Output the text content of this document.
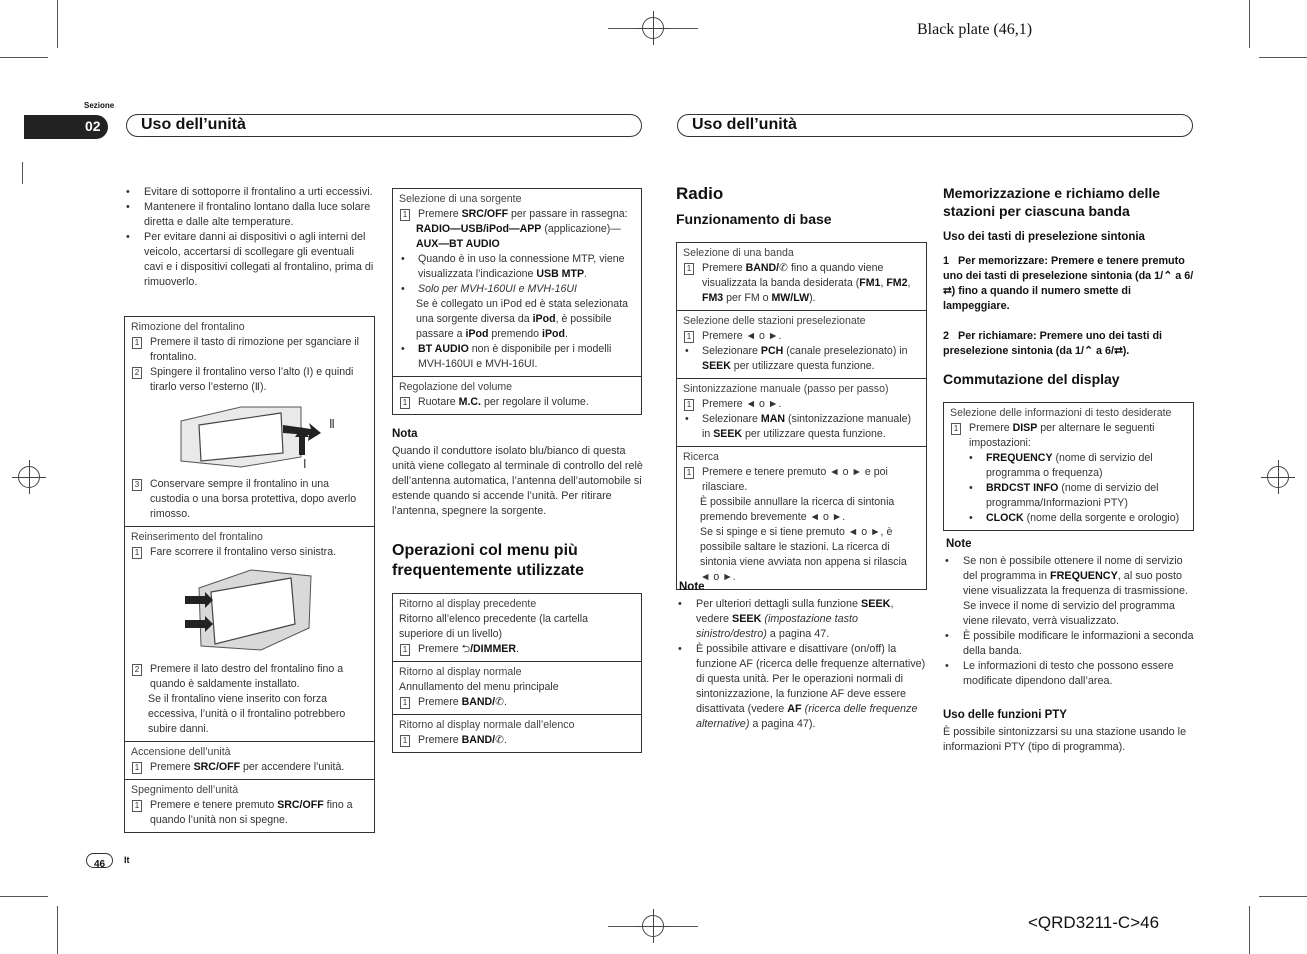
Black plate (46,1)
Sezione
02	Uso dell’unità	Uso dell’unità
•	Evitare di sottoporre il frontalino a urti eccessivi.
•	Mantenere il frontalino lontano dalla luce solare diretta e dalle alte temperature.
•	Per evitare danni ai dispositivi o agli interni del veicolo, accertarsi di scollegare gli eventuali cavi e i dispositivi collegati al frontalino, prima di rimuoverlo.
Rimozione del frontalino
1 Premere il tasto di rimozione per sganciare il frontalino.
2 Spingere il frontalino verso l’alto (Ⅰ) e quindi tirarlo verso l’esterno (Ⅱ).
Ⅱ
Ⅰ
3 Conservare sempre il frontalino in una custodia o una borsa protettiva, dopo averlo rimosso.
Reinserimento del frontalino
1 Fare scorrere il frontalino verso sinistra.
2 Premere il lato destro del frontalino fino a quando è saldamente installato.
Se il frontalino viene inserito con forza eccessiva, l’unità o il frontalino potrebbero subire danni.
Accensione dell’unità
1 Premere SRC/OFF per accendere l’unità.
Spegnimento dell’unità
1 Premere e tenere premuto SRC/OFF fino a quando l’unità non si spegne.
Selezione di una sorgente
1 Premere SRC/OFF per passare in rassegna:
RADIO—USB/iPod—APP (applicazione)—
AUX—BT AUDIO
•	Quando è in uso la connessione MTP, viene visualizzata l’indicazione USB MTP.
•	Solo per MVH-160UI e MVH-16UI
Se è collegato un iPod ed è stata selezionata una sorgente diversa da iPod, è possibile passare a iPod premendo iPod.
•	BT AUDIO non è disponibile per i modelli MVH-160UI e MVH-16UI.
Regolazione del volume
1 Ruotare M.C. per regolare il volume.
Nota
Quando il conduttore isolato blu/bianco di questa unità viene collegato al terminale di controllo del relè dell’antenna automatica, l’antenna dell’automobile si estende quando si accende l’unità. Per ritirare l’antenna, spegnere la sorgente.
Operazioni col menu più frequentemente utilizzate
Ritorno al display precedente
Ritorno all’elenco precedente (la cartella superiore di un livello)
1 Premere ⮌/DIMMER.
Ritorno al display normale
Annullamento del menu principale
1 Premere BAND/✆.
Ritorno al display normale dall’elenco
1 Premere BAND/✆.
Radio
Funzionamento di base
Selezione di una banda
1 Premere BAND/✆ fino a quando viene visualizzata la banda desiderata (FM1, FM2, FM3 per FM o MW/LW).
Selezione delle stazioni preselezionate
1 Premere ◄ o ►.
•	Selezionare PCH (canale preselezionato) in SEEK per utilizzare questa funzione.
Sintonizzazione manuale (passo per passo)
1 Premere ◄ o ►.
•	Selezionare MAN (sintonizzazione manuale) in SEEK per utilizzare questa funzione.
Ricerca
1 Premere e tenere premuto ◄ o ► e poi rilasciare.
È possibile annullare la ricerca di sintonia premendo brevemente ◄ o ►.
Se si spinge e si tiene premuto ◄ o ►, è possibile saltare le stazioni. La ricerca di sintonia viene avviata non appena si rilascia ◄ o ►.
Note
•	Per ulteriori dettagli sulla funzione SEEK, vedere SEEK (impostazione tasto sinistro/destro) a pagina 47.
•	È possibile attivare e disattivare (on/off) la funzione AF (ricerca delle frequenze alternative) di questa unità. Per le operazioni normali di sintonizzazione, la funzione AF deve essere disattivata (vedere AF (ricerca delle frequenze alternative) a pagina 47).
Memorizzazione e richiamo delle stazioni per ciascuna banda
Uso dei tasti di preselezione sintonia
1 Per memorizzare: Premere e tenere premuto uno dei tasti di preselezione sintonia (da 1/⌃ a 6/⮂) fino a quando il numero smette di lampeggiare.
2 Per richiamare: Premere uno dei tasti di preselezione sintonia (da 1/⌃ a 6/⮂).
Commutazione del display
Selezione delle informazioni di testo desiderate
1 Premere DISP per alternare le seguenti impostazioni:
•	FREQUENCY (nome di servizio del programma o frequenza)
•	BRDCST INFO (nome di servizio del programma/Informazioni PTY)
•	CLOCK (nome della sorgente e orologio)
Note
•	Se non è possibile ottenere il nome di servizio del programma in FREQUENCY, al suo posto viene visualizzata la frequenza di trasmissione. Se invece il nome di servizio del programma viene rilevato, verrà visualizzato.
•	È possibile modificare le informazioni a seconda della banda.
•	Le informazioni di testo che possono essere modificate dipendono dall’area.
Uso delle funzioni PTY
È possibile sintonizzarsi su una stazione usando le informazioni PTY (tipo di programma).
46	It
<QRD3211-C>46
